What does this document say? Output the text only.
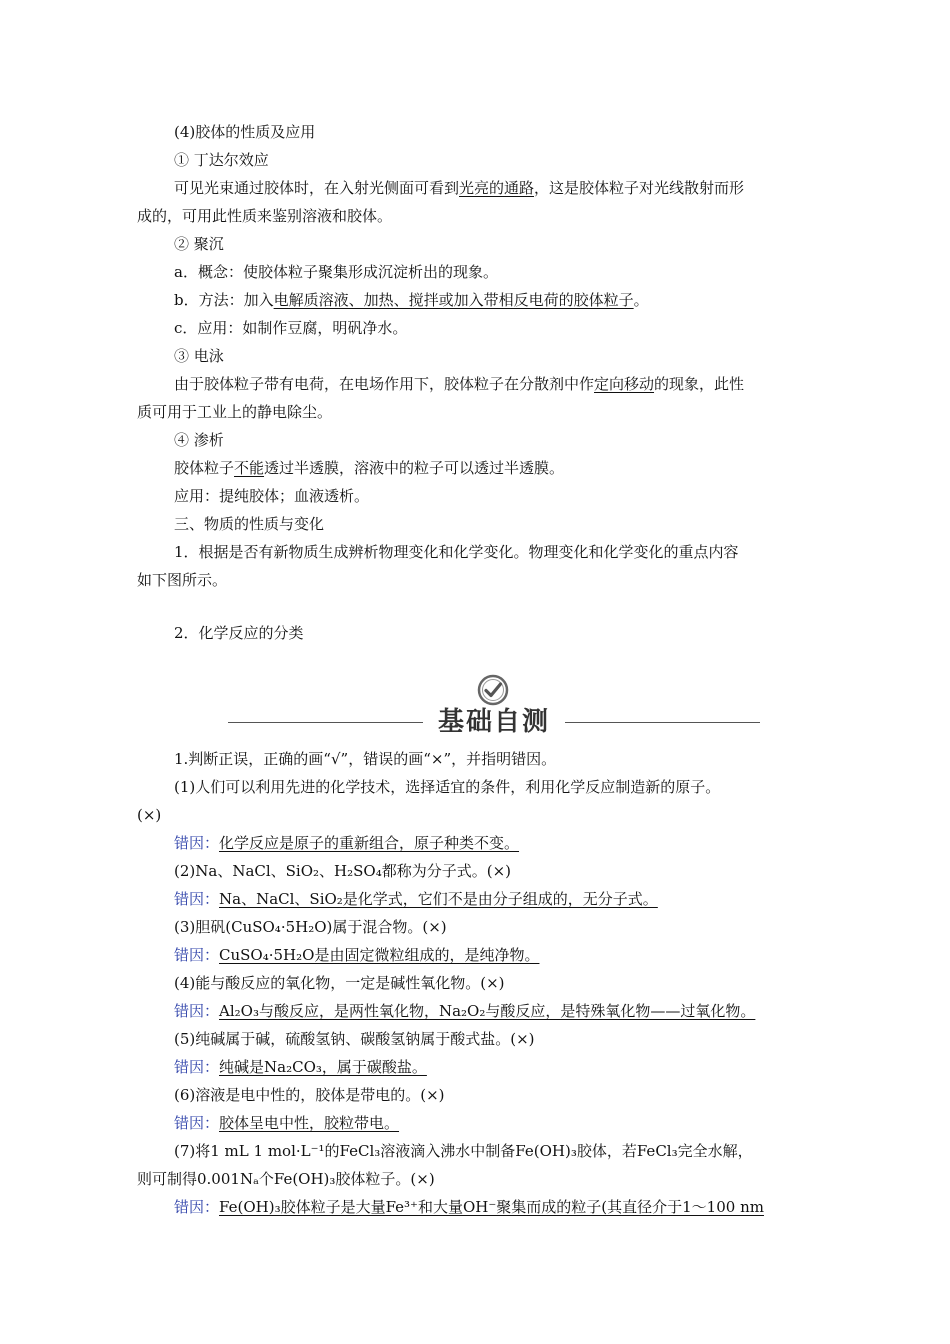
(4)胶体的性质及应用
① 丁达尔效应
可见光束通过胶体时，在入射光侧面可看到光亮的通路，这是胶体粒子对光线散射而形
成的，可用此性质来鉴别溶液和胶体。
② 聚沉
a．概念：使胶体粒子聚集形成沉淀析出的现象。
b．方法：加入电解质溶液、加热、搅拌或加入带相反电荷的胶体粒子。
c．应用：如制作豆腐，明矾净水。
③ 电泳
由于胶体粒子带有电荷，在电场作用下，胶体粒子在分散剂中作定向移动的现象，此性
质可用于工业上的静电除尘。
④ 渗析
胶体粒子不能透过半透膜，溶液中的粒子可以透过半透膜。
应用：提纯胶体；血液透析。
三、物质的性质与变化
1．根据是否有新物质生成辨析物理变化和化学变化。物理变化和化学变化的重点内容
如下图所示。
2．化学反应的分类
基础自测
1.判断正误，正确的画“√”，错误的画“×”，并指明错因。
(1)人们可以利用先进的化学技术，选择适宜的条件，利用化学反应制造新的原子。
(×)
错因：化学反应是原子的重新组合，原子种类不变。
(2)Na、NaCl、SiO₂、H₂SO₄都称为分子式。(×)
错因：Na、NaCl、SiO₂是化学式，它们不是由分子组成的，无分子式。
(3)胆矾(CuSO₄·5H₂O)属于混合物。(×)
错因：CuSO₄·5H₂O是由固定微粒组成的，是纯净物。
(4)能与酸反应的氧化物，一定是碱性氧化物。(×)
错因：Al₂O₃与酸反应，是两性氧化物，Na₂O₂与酸反应，是特殊氧化物——过氧化物。
(5)纯碱属于碱，硫酸氢钠、碳酸氢钠属于酸式盐。(×)
错因：纯碱是Na₂CO₃，属于碳酸盐。
(6)溶液是电中性的，胶体是带电的。(×)
错因：胶体呈电中性，胶粒带电。
(7)将1 mL 1 mol·L⁻¹的FeCl₃溶液滴入沸水中制备Fe(OH)₃胶体，若FeCl₃完全水解，
则可制得0.001Nₐ个Fe(OH)₃胶体粒子。(×)
错因：Fe(OH)₃胶体粒子是大量Fe³⁺和大量OH⁻聚集而成的粒子(其直径介于1～100 nm
